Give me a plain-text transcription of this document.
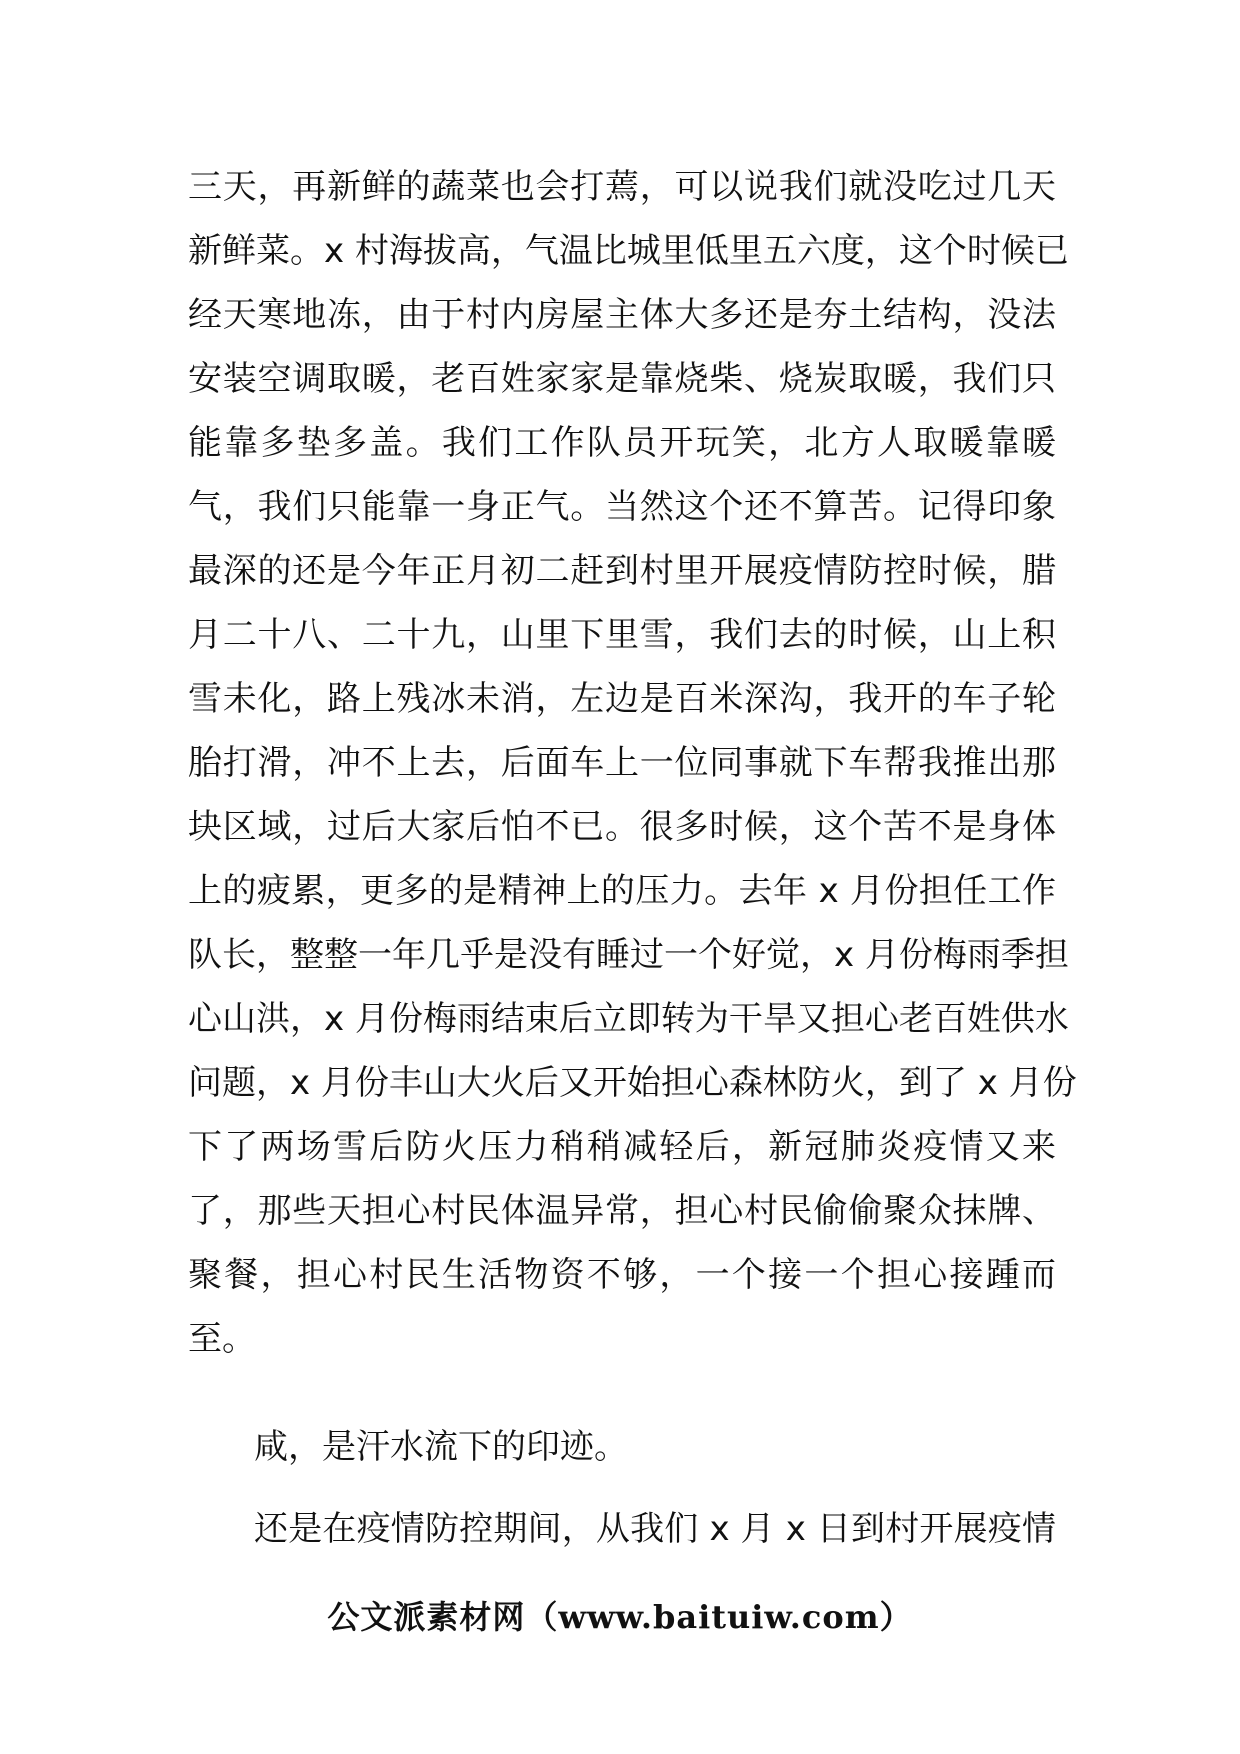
三天，再新鲜的蔬菜也会打蔫，可以说我们就没吃过几天
新鲜菜。x 村海拔高，气温比城里低里五六度，这个时候已
经天寒地冻，由于村内房屋主体大多还是夯土结构，没法
安装空调取暖，老百姓家家是靠烧柴、烧炭取暖，我们只
能靠多垫多盖。我们工作队员开玩笑，北方人取暖靠暖
气，我们只能靠一身正气。当然这个还不算苦。记得印象
最深的还是今年正月初二赶到村里开展疫情防控时候，腊
月二十八、二十九，山里下里雪，我们去的时候，山上积
雪未化，路上残冰未消，左边是百米深沟，我开的车子轮
胎打滑，冲不上去，后面车上一位同事就下车帮我推出那
块区域，过后大家后怕不已。很多时候，这个苦不是身体
上的疲累，更多的是精神上的压力。去年 x 月份担任工作
队长，整整一年几乎是没有睡过一个好觉，x 月份梅雨季担
心山洪，x 月份梅雨结束后立即转为干旱又担心老百姓供水
问题，x 月份丰山大火后又开始担心森林防火，到了 x 月份
下了两场雪后防火压力稍稍减轻后，新冠肺炎疫情又来
了，那些天担心村民体温异常，担心村民偷偷聚众抹牌、
聚餐，担心村民生活物资不够，一个接一个担心接踵而
至。
咸，是汗水流下的印迹。
还是在疫情防控期间，从我们 x 月 x 日到村开展疫情
公文派素材网（www.baituiw.com）
